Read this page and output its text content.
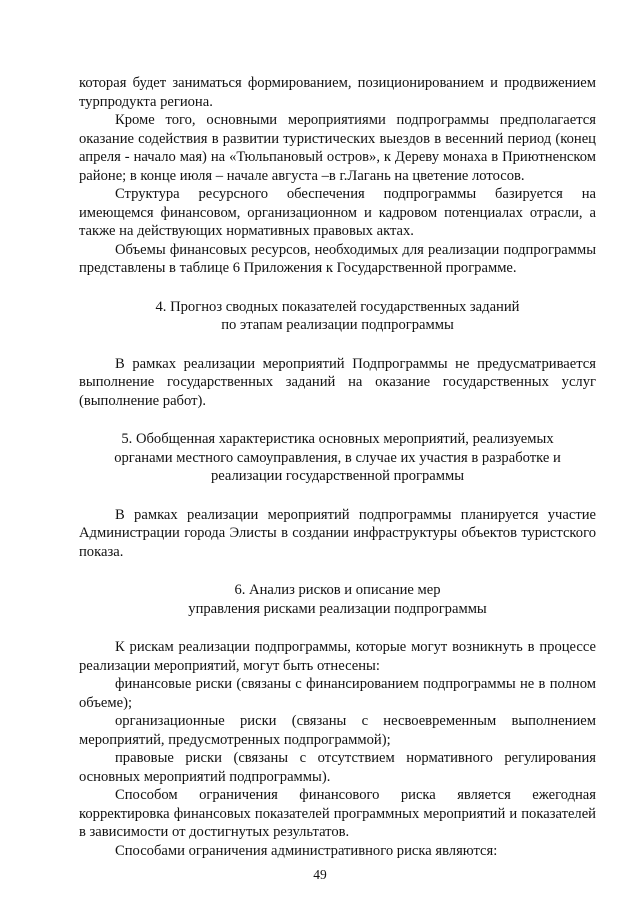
которая будет заниматься формированием, позиционированием и продвижением турпродукта региона.

Кроме того, основными мероприятиями подпрограммы предполагается оказание содействия в развитии туристических выездов в весенний период (конец апреля - начало мая) на «Тюльпановый остров», к Дереву монаха в Приютненском районе; в конце июля – начале августа –в г.Лагань на цветение лотосов.

Структура ресурсного обеспечения подпрограммы базируется на имеющемся финансовом, организационном и кадровом потенциалах отрасли, а также на действующих нормативных правовых актах.

Объемы финансовых ресурсов, необходимых для реализации подпрограммы представлены в таблице 6 Приложения к Государственной программе.

4. Прогноз сводных показателей государственных заданий
по этапам реализации подпрограммы

В рамках реализации мероприятий Подпрограммы не предусматривается выполнение государственных заданий на оказание государственных услуг (выполнение работ).

5. Обобщенная характеристика основных мероприятий, реализуемых
органами местного самоуправления, в случае их участия в разработке и
реализации государственной программы

В рамках реализации мероприятий подпрограммы планируется участие Администрации города Элисты в создании инфраструктуры объектов туристского показа.

6. Анализ рисков и описание мер
управления рисками реализации подпрограммы

К рискам реализации подпрограммы, которые могут возникнуть в процессе реализации мероприятий, могут быть отнесены:

финансовые риски (связаны с финансированием подпрограммы не в полном объеме);

организационные риски (связаны с несвоевременным выполнением мероприятий, предусмотренных подпрограммой);

правовые риски (связаны с отсутствием нормативного регулирования основных мероприятий подпрограммы).

Способом ограничения финансового риска является ежегодная корректировка финансовых показателей программных мероприятий и показателей в зависимости от достигнутых результатов.

Способами ограничения административного риска являются:

49
